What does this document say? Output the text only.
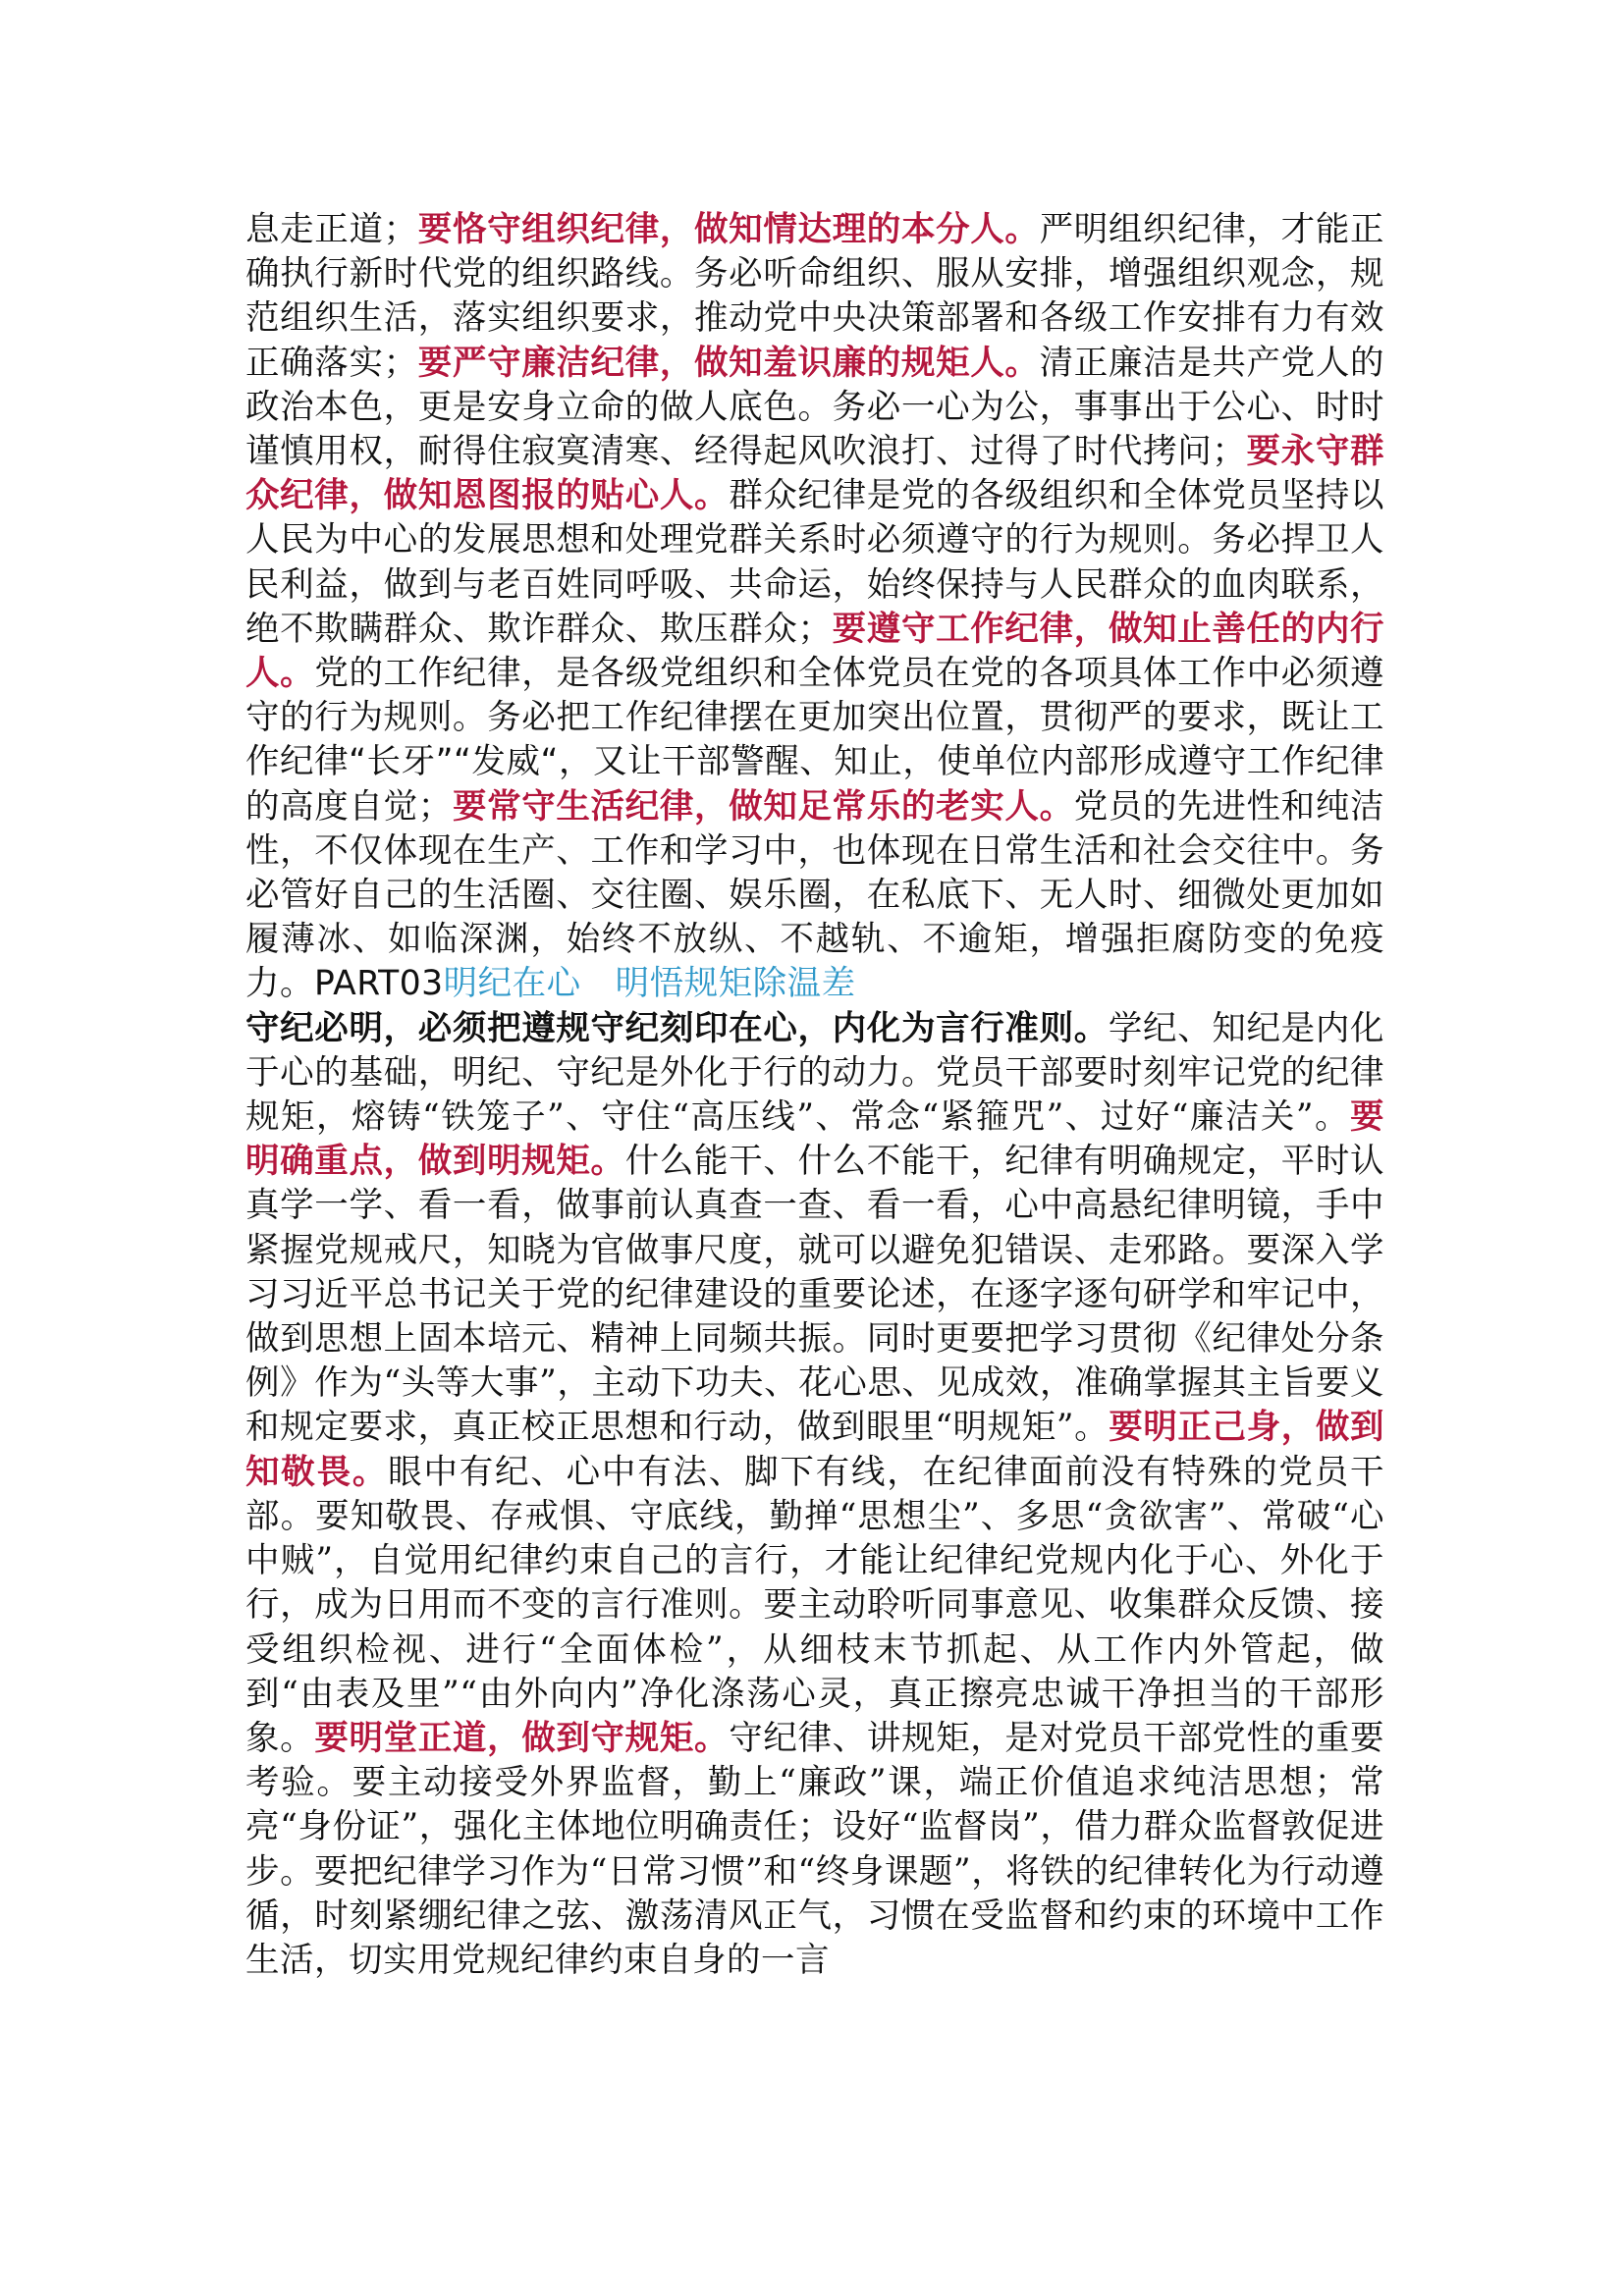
息走正道；要恪守组织纪律，做知情达理的本分人。严明组织纪律，才能正确执行新时代党的组织路线。务必听命组织、服从安排，增强组织观念，规范组织生活，落实组织要求，推动党中央决策部署和各级工作安排有力有效正确落实；要严守廉洁纪律，做知羞识廉的规矩人。清正廉洁是共产党人的政治本色，更是安身立命的做人底色。务必一心为公，事事出于公心、时时谨慎用权，耐得住寂寞清寒、经得起风吹浪打、过得了时代拷问；要永守群众纪律，做知恩图报的贴心人。群众纪律是党的各级组织和全体党员坚持以人民为中心的发展思想和处理党群关系时必须遵守的行为规则。务必捍卫人民利益，做到与老百姓同呼吸、共命运，始终保持与人民群众的血肉联系，绝不欺瞒群众、欺诈群众、欺压群众；要遵守工作纪律，做知止善任的内行人。党的工作纪律，是各级党组织和全体党员在党的各项具体工作中必须遵守的行为规则。务必把工作纪律摆在更加突出位置，贯彻严的要求，既让工作纪律“长牙”“发威“，又让干部警醒、知止，使单位内部形成遵守工作纪律的高度自觉；要常守生活纪律，做知足常乐的老实人。党员的先进性和纯洁性，不仅体现在生产、工作和学习中，也体现在日常生活和社会交往中。务必管好自己的生活圈、交往圈、娱乐圈，在私底下、无人时、细微处更加如履薄冰、如临深渊，始终不放纵、不越轨、不逾矩，增强拒腐防变的免疫力。PART03明纪在心　明悟规矩除温差

守纪必明，必须把遵规守纪刻印在心，内化为言行准则。学纪、知纪是内化于心的基础，明纪、守纪是外化于行的动力。党员干部要时刻牢记党的纪律规矩，熔铸“铁笼子”、守住“高压线”、常念“紧箍咒”、过好“廉洁关”。要明确重点，做到明规矩。什么能干、什么不能干，纪律有明确规定，平时认真学一学、看一看，做事前认真查一查、看一看，心中高悬纪律明镜，手中紧握党规戒尺，知晓为官做事尺度，就可以避免犯错误、走邪路。要深入学习习近平总书记关于党的纪律建设的重要论述，在逐字逐句研学和牢记中，做到思想上固本培元、精神上同频共振。同时更要把学习贯彻《纪律处分条例》作为“头等大事”，主动下功夫、花心思、见成效，准确掌握其主旨要义和规定要求，真正校正思想和行动，做到眼里“明规矩”。要明正己身，做到知敬畏。眼中有纪、心中有法、脚下有线，在纪律面前没有特殊的党员干部。要知敬畏、存戒惧、守底线，勤掸“思想尘”、多思“贪欲害”、常破“心中贼”，自觉用纪律约束自己的言行，才能让纪律纪党规内化于心、外化于行，成为日用而不变的言行准则。要主动聆听同事意见、收集群众反馈、接受组织检视、进行“全面体检”，从细枝末节抓起、从工作内外管起，做到“由表及里”“由外向内”净化涤荡心灵，真正擦亮忠诚干净担当的干部形象。要明堂正道，做到守规矩。守纪律、讲规矩，是对党员干部党性的重要考验。要主动接受外界监督，勤上“廉政”课，端正价值追求纯洁思想；常亮“身份证”，强化主体地位明确责任；设好“监督岗”，借力群众监督敦促进步。要把纪律学习作为“日常习惯”和“终身课题”，将铁的纪律转化为行动遵循，时刻紧绷纪律之弦、激荡清风正气，习惯在受监督和约束的环境中工作生活，切实用党规纪律约束自身的一言
